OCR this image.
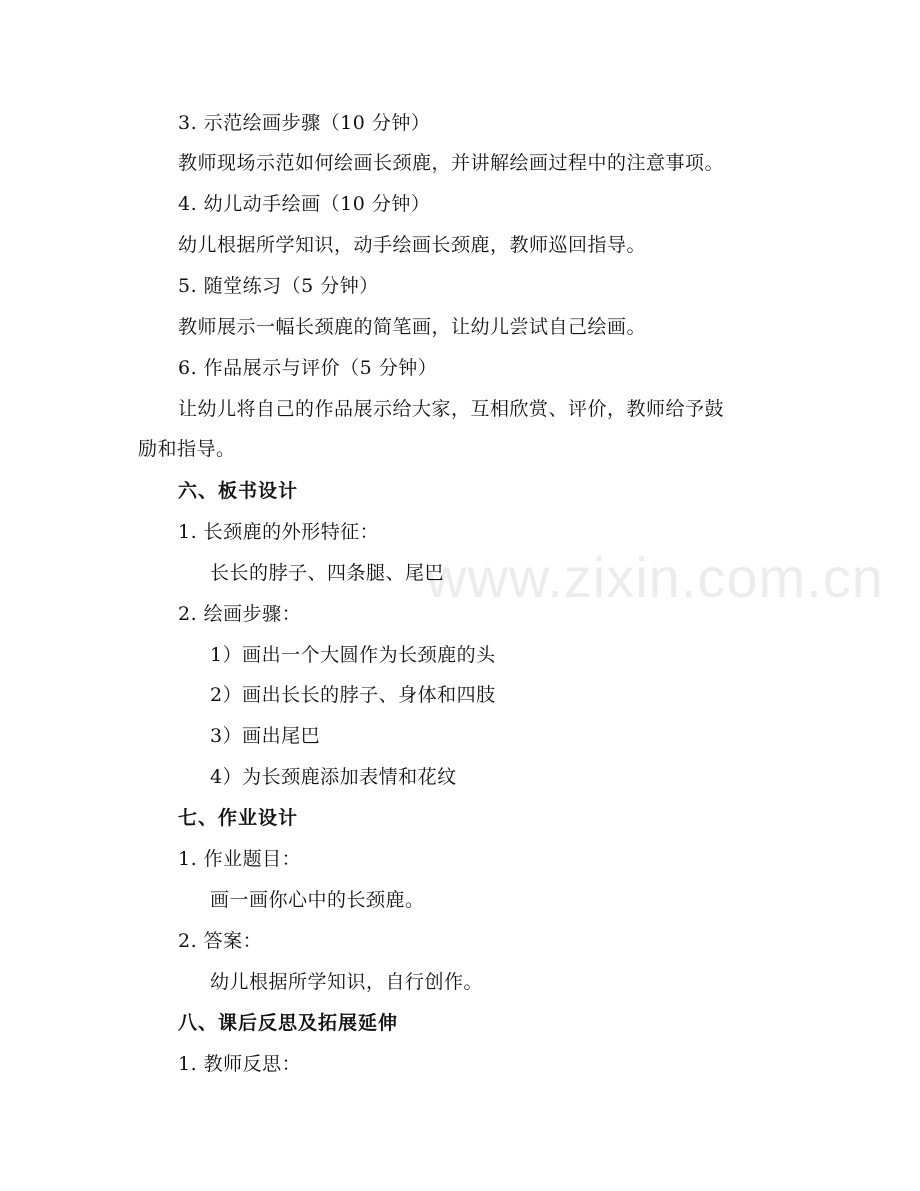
www.zixin.com.cn
3. 示范绘画步骤（10 分钟）
教师现场示范如何绘画长颈鹿，并讲解绘画过程中的注意事项。
4. 幼儿动手绘画（10 分钟）
幼儿根据所学知识，动手绘画长颈鹿，教师巡回指导。
5. 随堂练习（5 分钟）
教师展示一幅长颈鹿的简笔画，让幼儿尝试自己绘画。
6. 作品展示与评价（5 分钟）
让幼儿将自己的作品展示给大家，互相欣赏、评价，教师给予鼓
励和指导。
六、板书设计
1. 长颈鹿的外形特征：
长长的脖子、四条腿、尾巴
2. 绘画步骤：
1）画出一个大圆作为长颈鹿的头
2）画出长长的脖子、身体和四肢
3）画出尾巴
4）为长颈鹿添加表情和花纹
七、作业设计
1. 作业题目：
画一画你心中的长颈鹿。
2. 答案：
幼儿根据所学知识，自行创作。
八、课后反思及拓展延伸
1. 教师反思：
